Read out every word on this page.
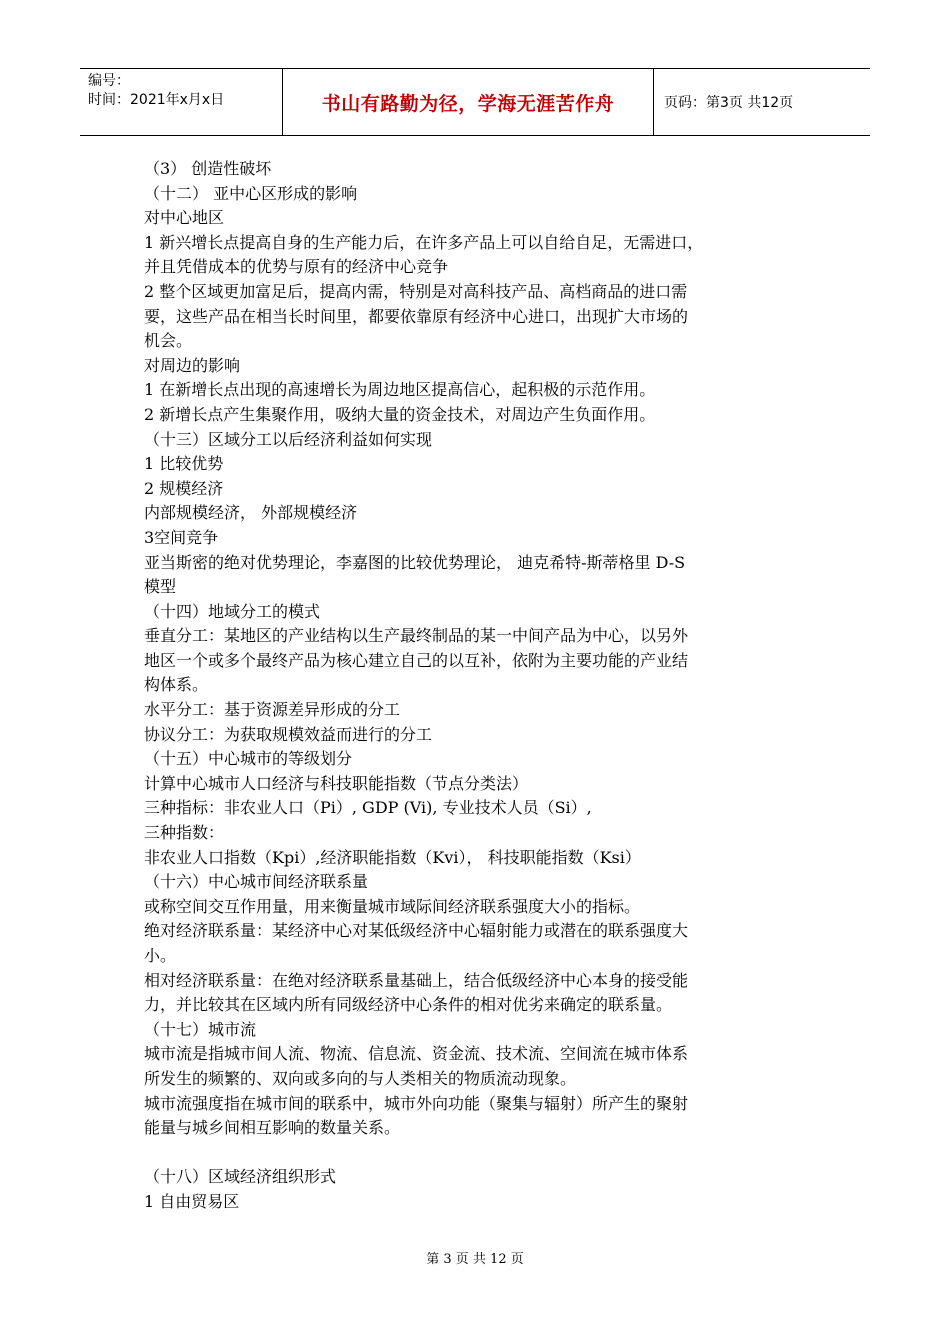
编号：
时间：2021年x月x日	书山有路勤为径，学海无涯苦作舟	页码：第3页 共12页

（3） 创造性破坏

（十二） 亚中心区形成的影响

对中心地区

1 新兴增长点提高自身的生产能力后，在许多产品上可以自给自足，无需进口，

并且凭借成本的优势与原有的经济中心竞争

2 整个区域更加富足后，提高内需，特别是对高科技产品、高档商品的进口需

要，这些产品在相当长时间里，都要依靠原有经济中心进口，出现扩大市场的

机会。

对周边的影响

1 在新增长点出现的高速增长为周边地区提高信心，起积极的示范作用。

2 新增长点产生集聚作用，吸纳大量的资金技术，对周边产生负面作用。

（十三）区域分工以后经济利益如何实现

1 比较优势

2 规模经济

内部规模经济， 外部规模经济

3空间竞争

亚当斯密的绝对优势理论，李嘉图的比较优势理论， 迪克希特-斯蒂格里 D-S

模型

（十四）地域分工的模式

垂直分工：某地区的产业结构以生产最终制品的某一中间产品为中心，以另外

地区一个或多个最终产品为核心建立自己的以互补，依附为主要功能的产业结

构体系。

水平分工：基于资源差异形成的分工

协议分工：为获取规模效益而进行的分工

（十五）中心城市的等级划分

计算中心城市人口经济与科技职能指数（节点分类法）

三种指标：非农业人口（Pi）, GDP (Vi), 专业技术人员（Si）,

三种指数：

非农业人口指数（Kpi）,经济职能指数（Kvi）， 科技职能指数（Ksi）

（十六）中心城市间经济联系量

或称空间交互作用量，用来衡量城市域际间经济联系强度大小的指标。

绝对经济联系量：某经济中心对某低级经济中心辐射能力或潜在的联系强度大

小。

相对经济联系量：在绝对经济联系量基础上，结合低级经济中心本身的接受能

力，并比较其在区域内所有同级经济中心条件的相对优劣来确定的联系量。

（十七）城市流

城市流是指城市间人流、物流、信息流、资金流、技术流、空间流在城市体系

所发生的频繁的、双向或多向的与人类相关的物质流动现象。

城市流强度指在城市间的联系中，城市外向功能（聚集与辐射）所产生的聚射

能量与城乡间相互影响的数量关系。

（十八）区域经济组织形式

1 自由贸易区

第 3 页 共 12 页
